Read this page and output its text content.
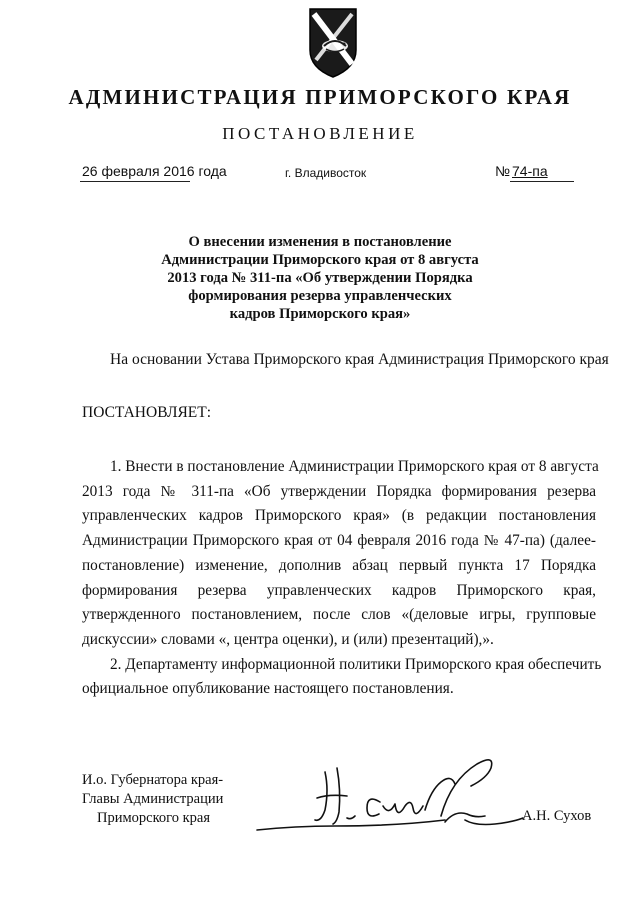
АДМИНИСТРАЦИЯ ПРИМОРСКОГО КРАЯ
ПОСТАНОВЛЕНИЕ
26 февраля 2016 года	г. Владивосток	№ 74-па
О внесении изменения в постановление
Администрации Приморского края от 8 августа
2013 года № 311-па «Об утверждении Порядка
формирования резерва управленческих
кадров Приморского края»
На основании Устава Приморского края Администрация Приморского края
ПОСТАНОВЛЯЕТ:
1. Внести в постановление Администрации Приморского края от 8 августа
2013 года № 311-па «Об утверждении Порядка формирования резерва
управленческих кадров Приморского края» (в редакции постановления
Администрации Приморского края от 04 февраля 2016 года № 47-па) (далее-
постановление) изменение, дополнив абзац первый пункта 17 Порядка
формирования резерва управленческих кадров Приморского края,
утвержденного постановлением, после слов «(деловые игры, групповые
дискуссии» словами «, центра оценки), и (или) презентаций),».
2. Департаменту информационной политики Приморского края обеспечить
официальное опубликование настоящего постановления.
И.о. Губернатора края-
Главы Администрации
Приморского края	А.Н. Сухов
